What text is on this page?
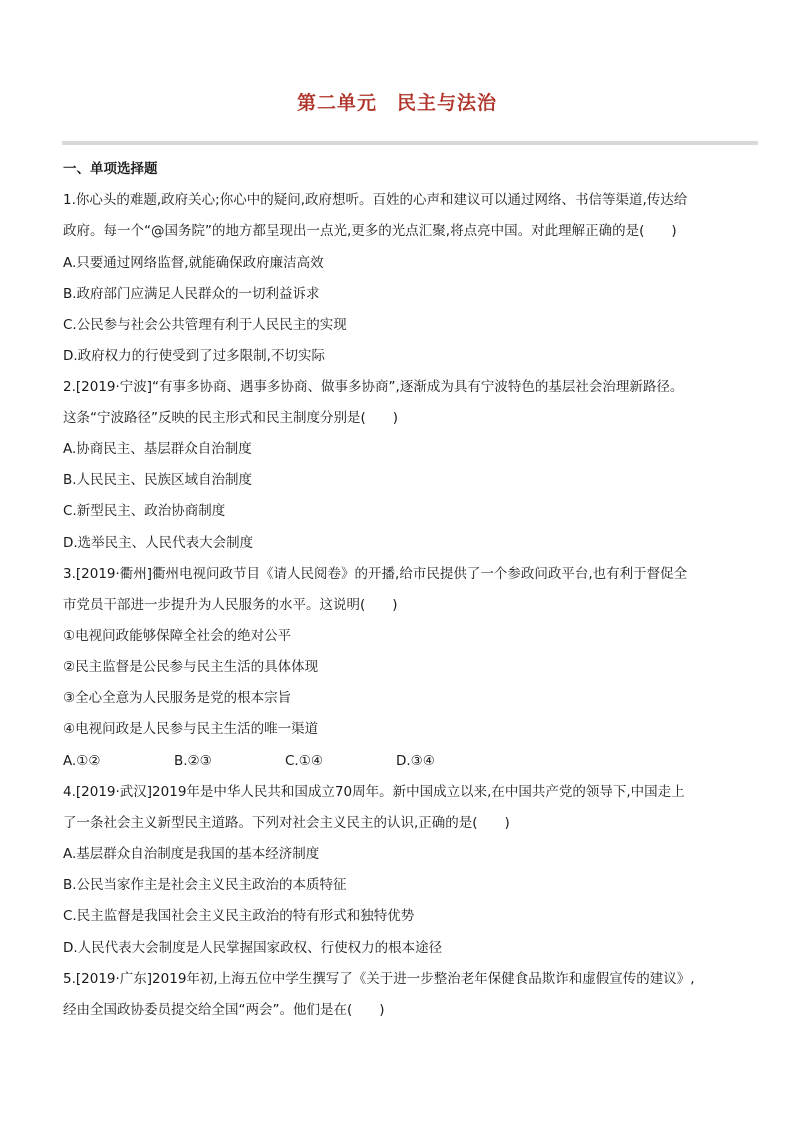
第二单元　民主与法治
一、单项选择题
1.你心头的难题,政府关心;你心中的疑问,政府想听。百姓的心声和建议可以通过网络、书信等渠道,传达给
政府。每一个“@国务院”的地方都呈现出一点光,更多的光点汇聚,将点亮中国。对此理解正确的是(　　)
A.只要通过网络监督,就能确保政府廉洁高效
B.政府部门应满足人民群众的一切利益诉求
C.公民参与社会公共管理有利于人民民主的实现
D.政府权力的行使受到了过多限制,不切实际
2.[2019·宁波]“有事多协商、遇事多协商、做事多协商”,逐渐成为具有宁波特色的基层社会治理新路径。
这条“宁波路径”反映的民主形式和民主制度分别是(　　)
A.协商民主、基层群众自治制度
B.人民民主、民族区域自治制度
C.新型民主、政治协商制度
D.选举民主、人民代表大会制度
3.[2019·衢州]衢州电视问政节目《请人民阅卷》的开播,给市民提供了一个参政问政平台,也有利于督促全
市党员干部进一步提升为人民服务的水平。这说明(　　)
①电视问政能够保障全社会的绝对公平
②民主监督是公民参与民主生活的具体体现
③全心全意为人民服务是党的根本宗旨
④电视问政是人民参与民主生活的唯一渠道
A.①②	B.②③	C.①④	D.③④
4.[2019·武汉]2019年是中华人民共和国成立70周年。新中国成立以来,在中国共产党的领导下,中国走上
了一条社会主义新型民主道路。下列对社会主义民主的认识,正确的是(　　)
A.基层群众自治制度是我国的基本经济制度
B.公民当家作主是社会主义民主政治的本质特征
C.民主监督是我国社会主义民主政治的特有形式和独特优势
D.人民代表大会制度是人民掌握国家政权、行使权力的根本途径
5.[2019·广东]2019年初,上海五位中学生撰写了《关于进一步整治老年保健食品欺诈和虚假宣传的建议》,
经由全国政协委员提交给全国“两会”。他们是在(　　)
